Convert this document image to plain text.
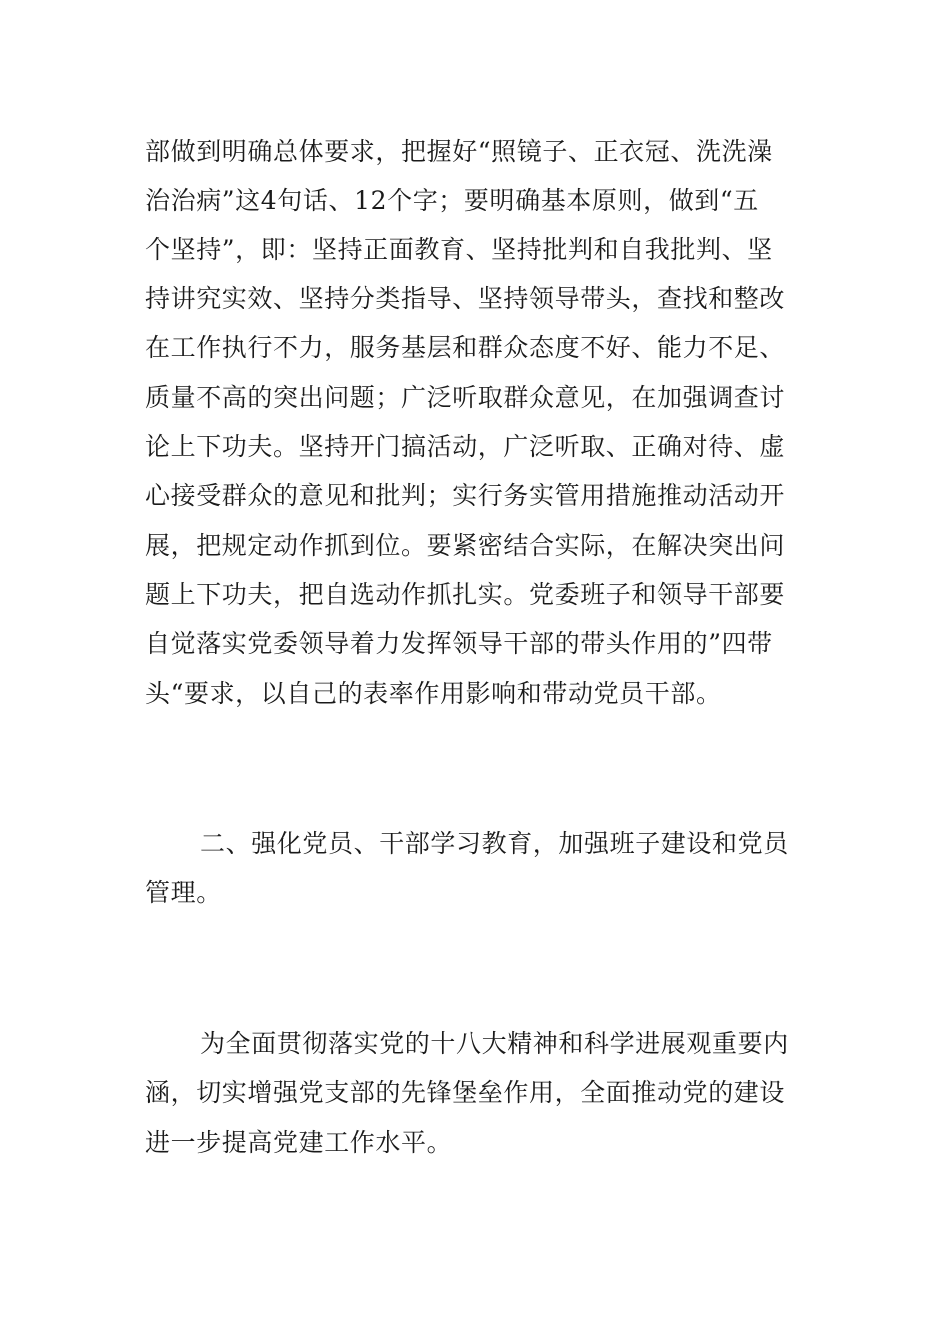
部做到明确总体要求，把握好“照镜子、正衣冠、洗洗澡
治治病”这4句话、12个字；要明确基本原则，做到“五
个坚持”，即：坚持正面教育、坚持批判和自我批判、坚
持讲究实效、坚持分类指导、坚持领导带头，查找和整改
在工作执行不力，服务基层和群众态度不好、能力不足、
质量不高的突出问题；广泛听取群众意见，在加强调查讨
论上下功夫。坚持开门搞活动，广泛听取、正确对待、虚
心接受群众的意见和批判；实行务实管用措施推动活动开
展，把规定动作抓到位。要紧密结合实际，在解决突出问
题上下功夫，把自选动作抓扎实。党委班子和领导干部要
自觉落实党委领导着力发挥领导干部的带头作用的”四带
头“要求，以自己的表率作用影响和带动党员干部。
二、强化党员、干部学习教育，加强班子建设和党员
管理。
为全面贯彻落实党的十八大精神和科学进展观重要内
涵，切实增强党支部的先锋堡垒作用，全面推动党的建设
进一步提高党建工作水平。
